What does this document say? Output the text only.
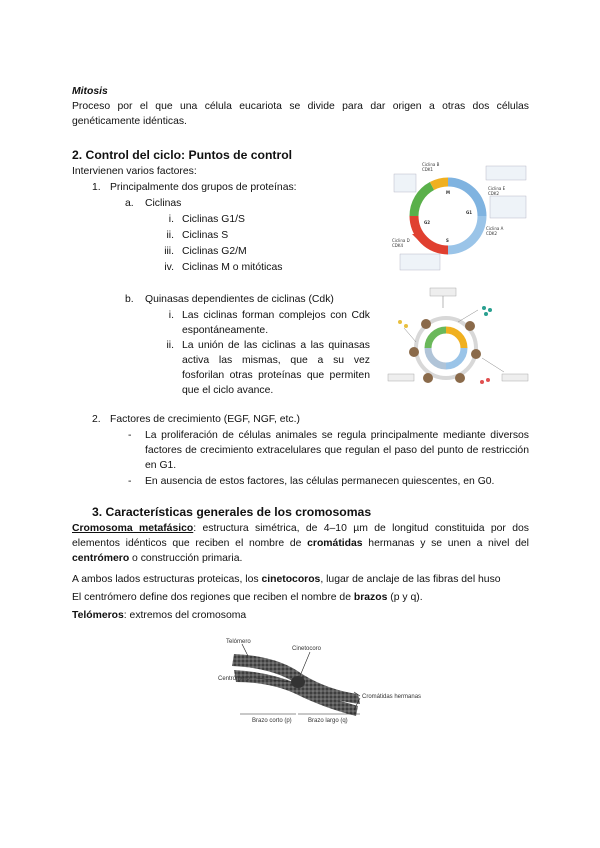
Mitosis
Proceso por el que una célula eucariota se divide para dar origen a otras dos células genéticamente idénticas.
2. Control del ciclo: Puntos de control
Intervienen varios factores:
1. Principalmente dos grupos de proteínas:
a. Ciclinas
i. Ciclinas G1/S
ii. Ciclinas S
iii. Ciclinas G2/M
iv. Ciclinas M o mitóticas
b. Quinasas dependientes de ciclinas (Cdk)
i. Las ciclinas forman complejos con Cdk espontáneamente.
ii. La unión de las ciclinas a las quinasas activa las mismas, que a su vez fosforilan otras proteínas que permiten que el ciclo avance.
2. Factores de crecimiento (EGF, NGF, etc.)
- La proliferación de células animales se regula principalmente mediante diversos factores de crecimiento extracelulares que regulan el paso del punto de restricción en G1.
- En ausencia de estos factores, las células permanecen quiescentes, en G0.
3. Características generales de los cromosomas
Cromosoma metafásico: estructura simétrica, de 4–10 µm de longitud constituida por dos elementos idénticos que reciben el nombre de cromátidas hermanas y se unen a nivel del centrómero o construcción primaria.
A ambos lados estructuras proteicas, los cinetocoros, lugar de anclaje de las fibras del huso
El centrómero define dos regiones que reciben el nombre de brazos (p y q).
Telómeros: extremos del cromosoma
M
G1
S
G2
Ciclina B
CDK1
Ciclina E
CDK2
Ciclina A
CDK2
Ciclina D
CDK4
Telómero
Cinetocoro
Centrómero
Cromátidas hermanas
Brazo corto (p)	Brazo largo (q)
